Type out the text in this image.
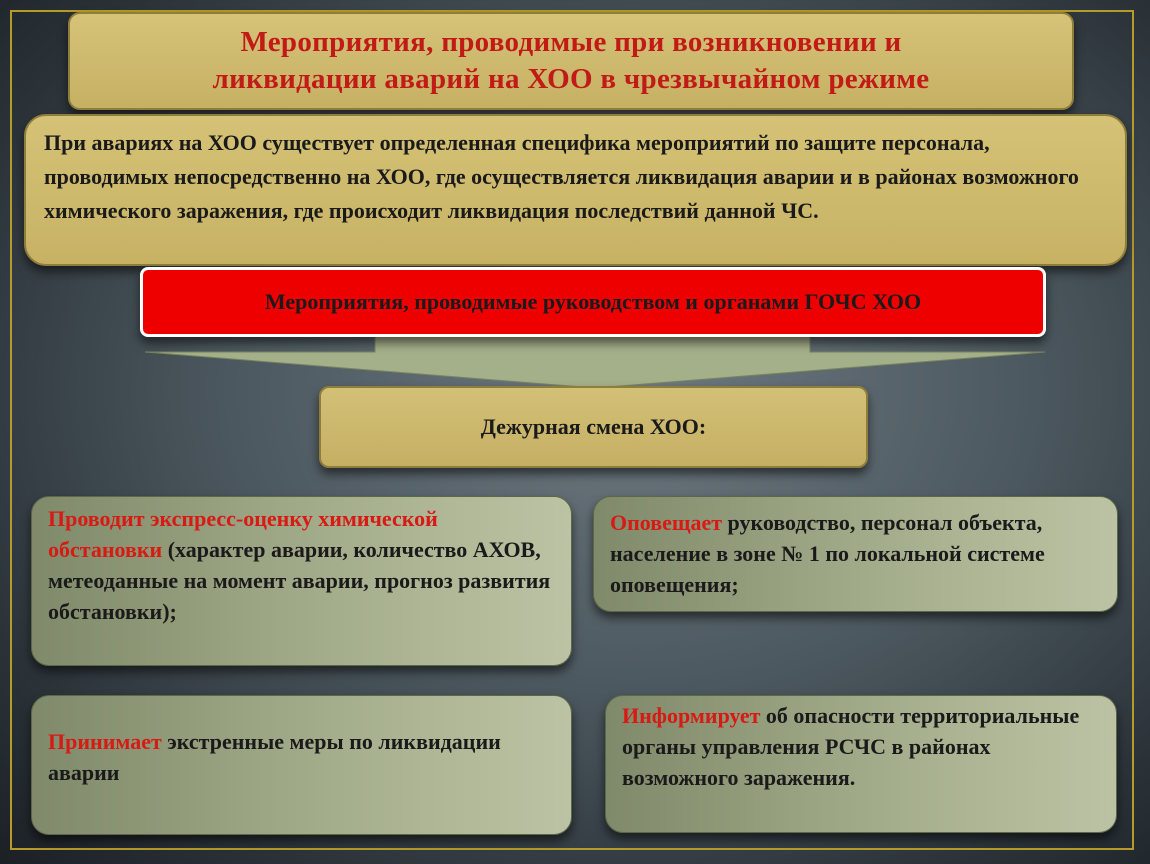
Мероприятия, проводимые при возникновении и
ликвидации аварий на ХОО в чрезвычайном режиме
При авариях на ХОО существует определенная специфика мероприятий по защите персонала, проводимых непосредственно на ХОО, где осуществляется ликвидация аварии и в районах возможного химического заражения, где происходит ликвидация последствий данной ЧС.
Мероприятия, проводимые руководством и органами ГОЧС ХОО
Дежурная смена ХОО:
Проводит экспресс-оценку химической обстановки (характер аварии, количество АХОВ, метеоданные на момент аварии, прогноз развития обстановки);
Оповещает руководство, персонал объекта, население в зоне № 1 по локальной системе оповещения;
Принимает экстренные меры по ликвидации аварии
Информирует об опасности территориальные органы управления РСЧС в районах возможного заражения.
